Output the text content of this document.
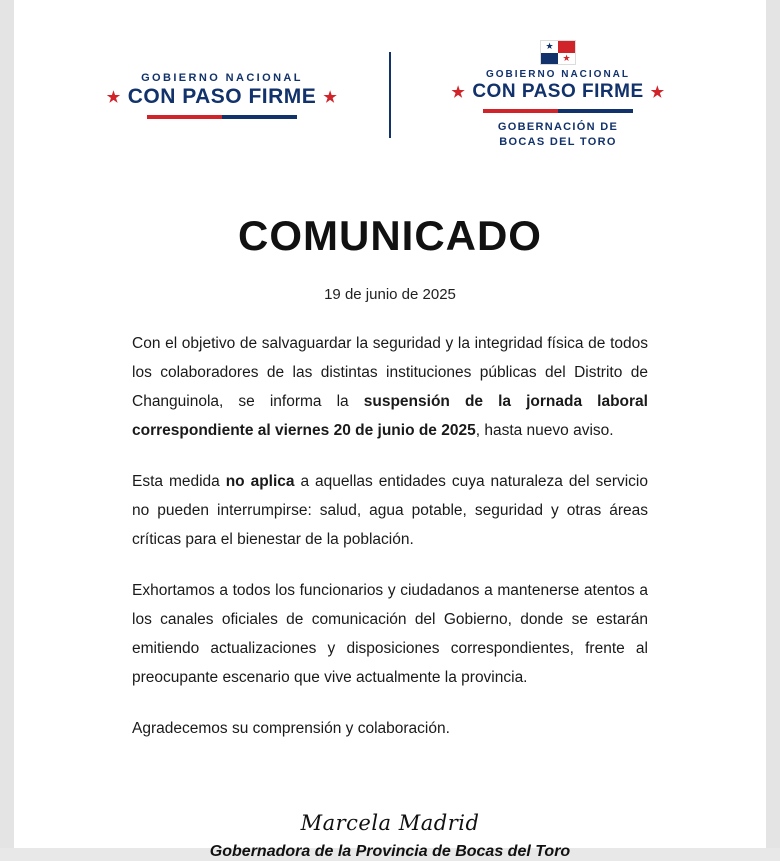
GOBIERNO NACIONAL
★ CON PASO FIRME ★
★
★
GOBIERNO NACIONAL
★ CON PASO FIRME ★
GOBERNACIÓN DE
BOCAS DEL TORO
COMUNICADO
19 de junio de 2025

Con el objetivo de salvaguardar la seguridad y la integridad física de todos los colaboradores de las distintas instituciones públicas del Distrito de Changuinola, se informa la suspensión de la jornada laboral correspondiente al viernes 20 de junio de 2025, hasta nuevo aviso.

Esta medida no aplica a aquellas entidades cuya naturaleza del servicio no pueden interrumpirse: salud, agua potable, seguridad y otras áreas críticas para el bienestar de la población.

Exhortamos a todos los funcionarios y ciudadanos a mantenerse atentos a los canales oficiales de comunicación del Gobierno, donde se estarán emitiendo actualizaciones y disposiciones correspondientes, frente al preocupante escenario que vive actualmente la provincia.

Agradecemos su comprensión y colaboración.

Marcela Madrid
Gobernadora de la Provincia de Bocas del Toro
